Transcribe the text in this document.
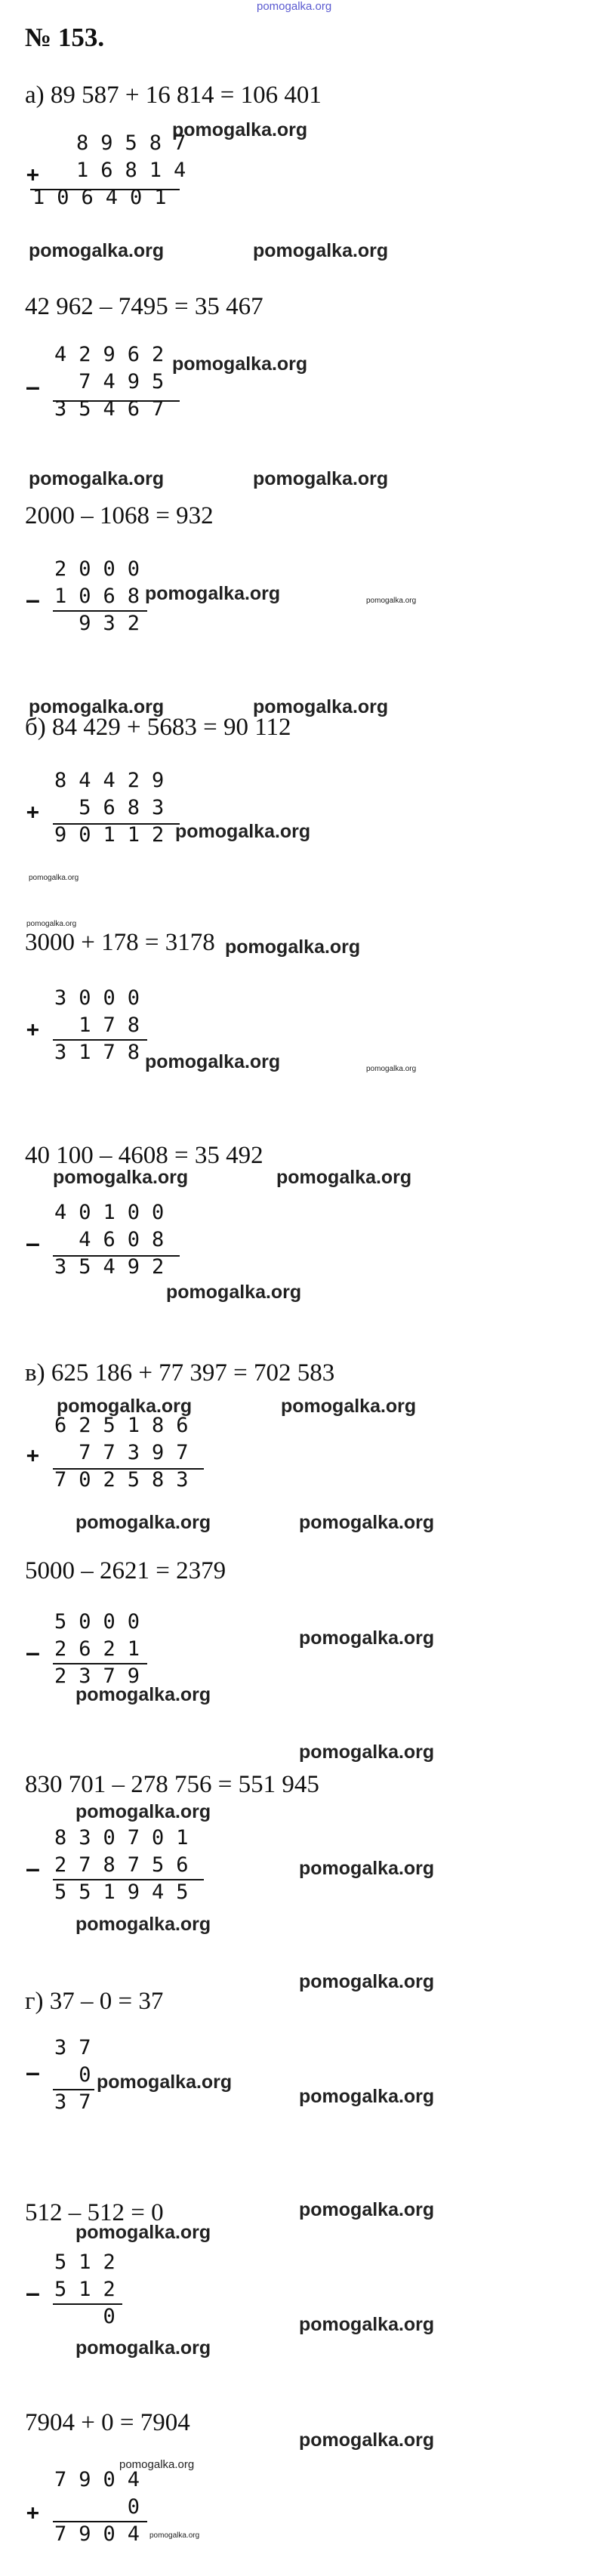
pomogalka.org
№ 153.
а) 89 587 + 16 814 = 106 401
pomogalka.org
+
89587
16814
106401
pomogalka.org	pomogalka.org
42 962 – 7495 = 35 467
pomogalka.org
–
42962
7495
35467
pomogalka.org	pomogalka.org
2000 – 1068 = 932
pomogalka.org	pomogalka.org
–
2000
1068
932
pomogalka.org	pomogalka.org
б) 84 429 + 5683 = 90 112
+
84429
5683
90112
pomogalka.org
pomogalka.org
pomogalka.org
3000 + 178 = 3178 pomogalka.org
+
3000
178
3178
pomogalka.org	pomogalka.org
40 100 – 4608 = 35 492
pomogalka.org	pomogalka.org
–
40100
4608
35492
pomogalka.org
в) 625 186 + 77 397 = 702 583
pomogalka.org	pomogalka.org
+
625186
77397
702583
pomogalka.org	pomogalka.org
5000 – 2621 = 2379
–
5000
2621
2379
pomogalka.org
pomogalka.org
pomogalka.org
830 701 – 278 756 = 551 945
pomogalka.org
–
830701
278756
551945
pomogalka.org
pomogalka.org
pomogalka.org
г) 37 – 0 = 37
–
37
0
37
pomogalka.org
pomogalka.org
pomogalka.org
512 – 512 = 0
pomogalka.org
–
512
512
0	pomogalka.org
pomogalka.org
7904 + 0 = 7904
pomogalka.org
pomogalka.org
+
7904
0
7904
pomogalka.org
